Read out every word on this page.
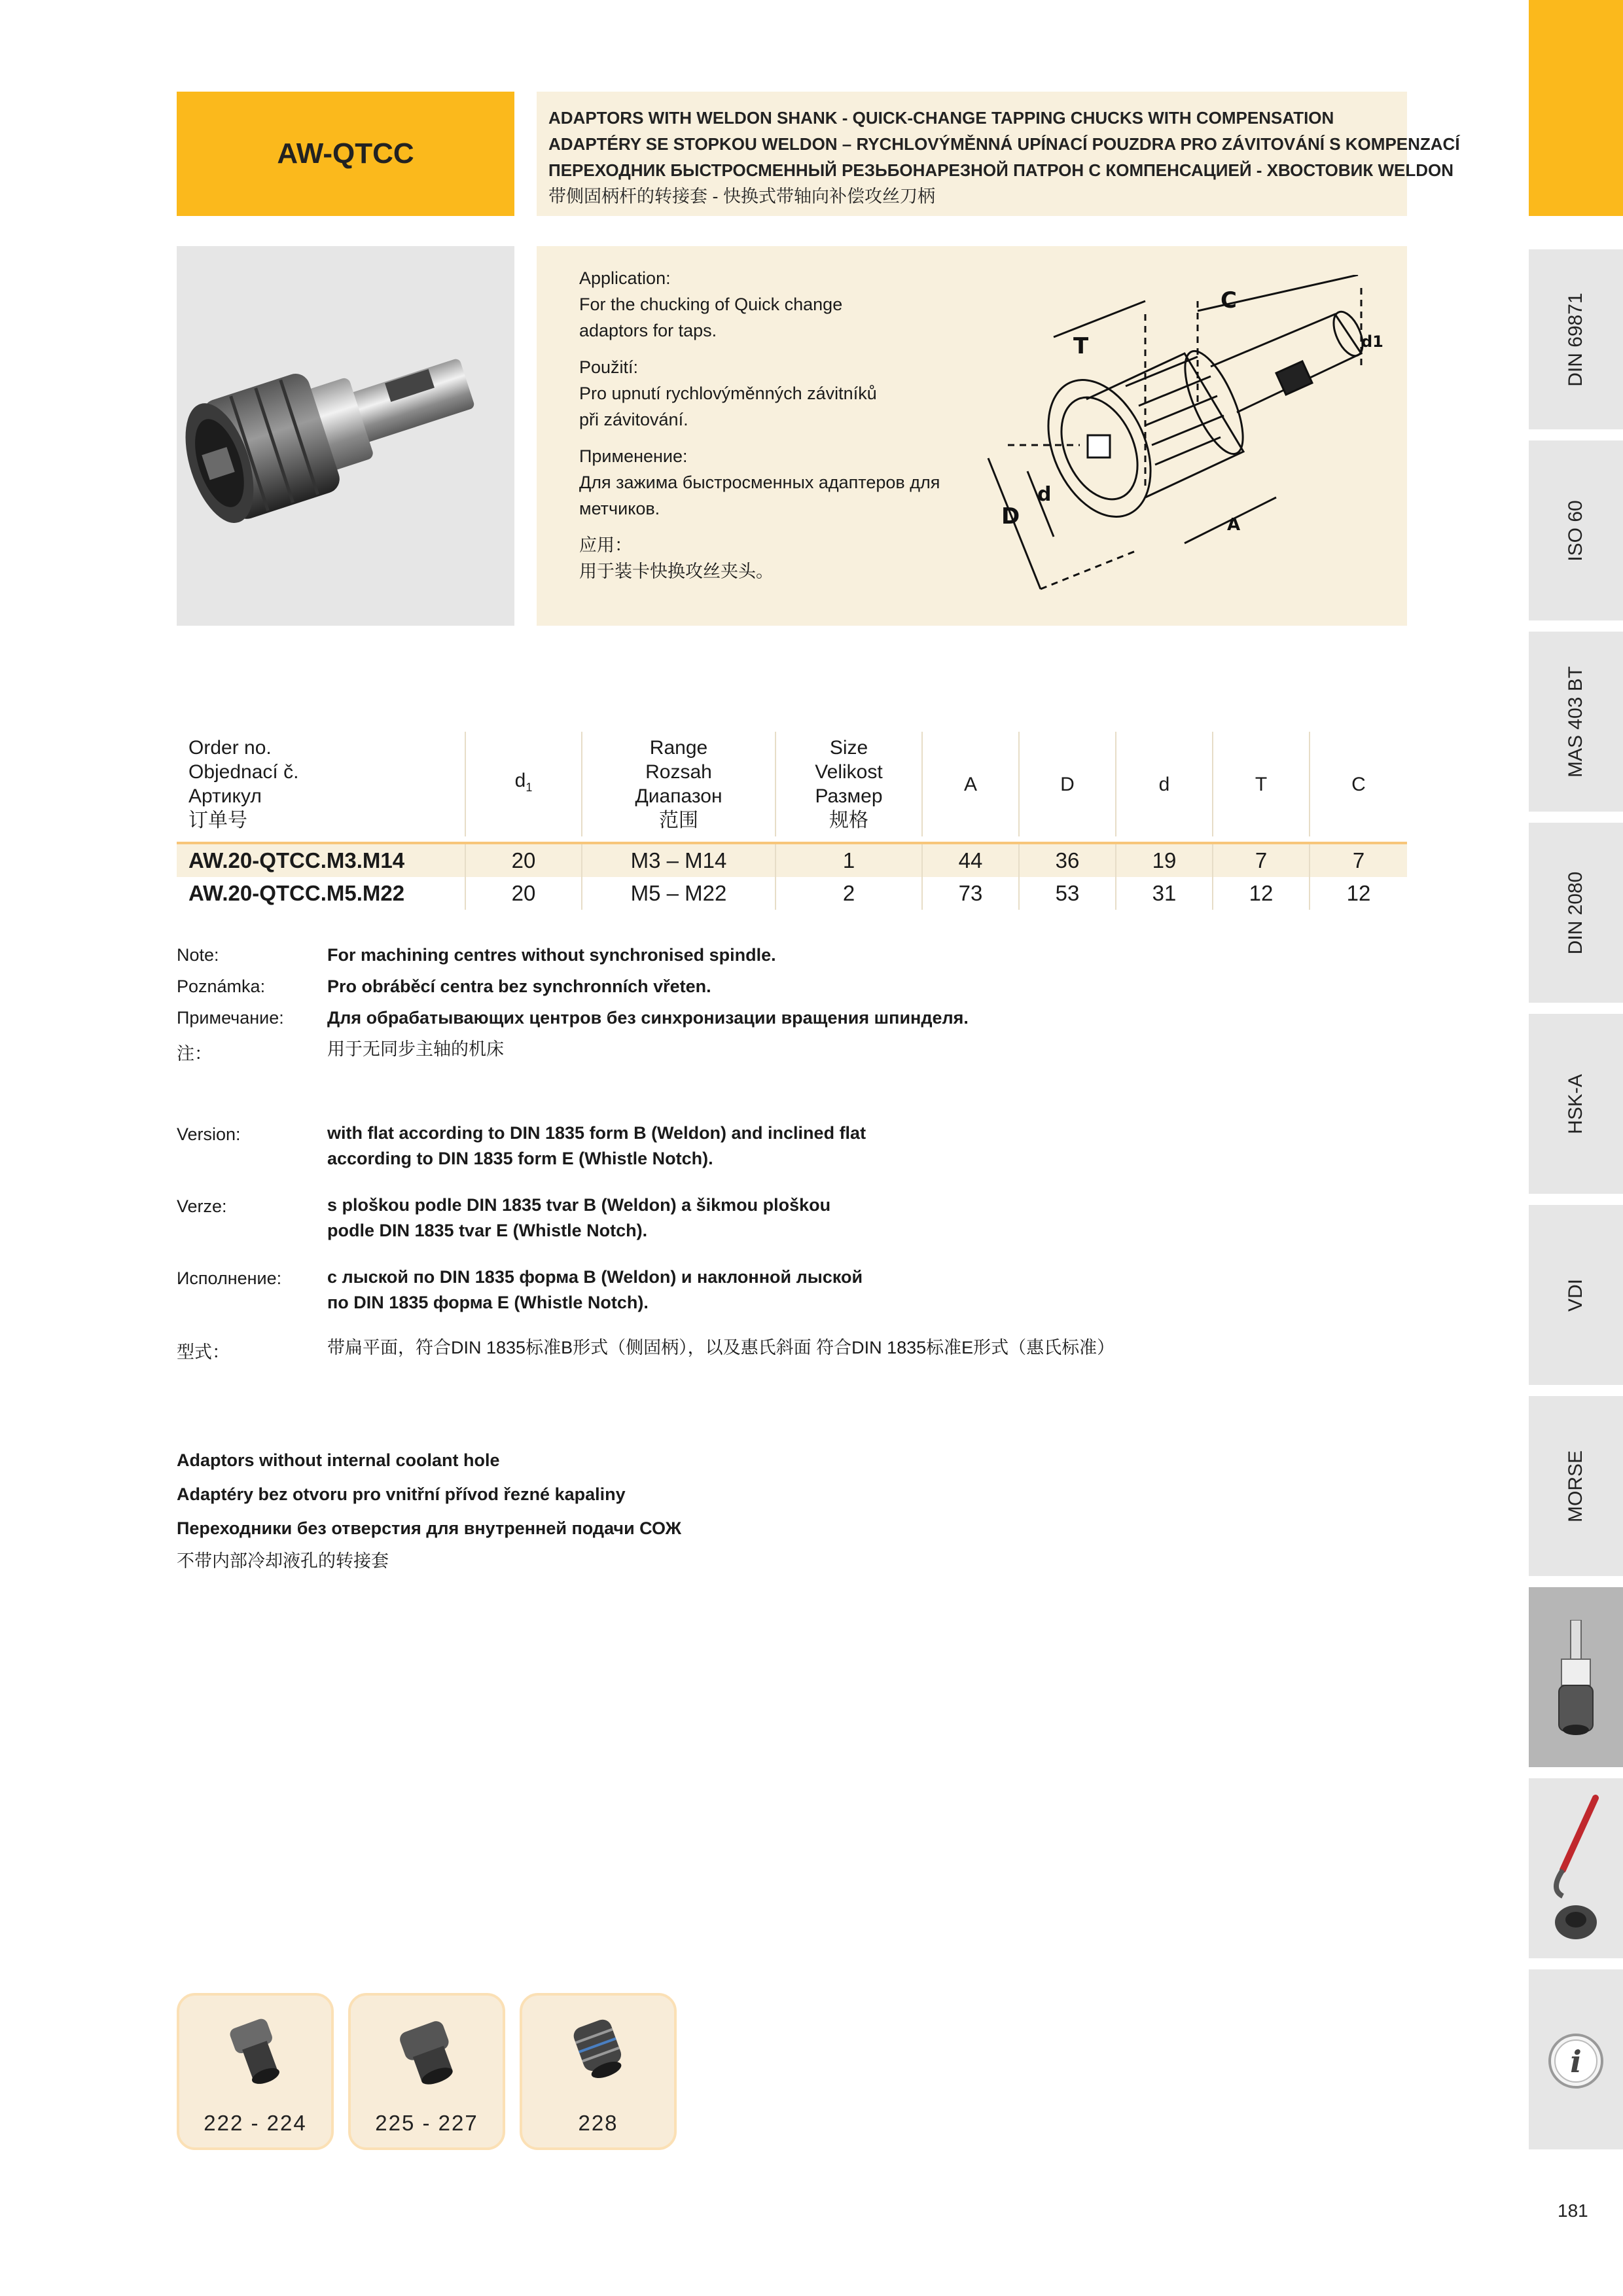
AW-QTCC
ADAPTORS WITH WELDON SHANK - QUICK-CHANGE TAPPING CHUCKS WITH COMPENSATION
ADAPTÉRY SE STOPKOU WELDON – RYCHLOVÝMĚNNÁ UPÍNACÍ POUZDRA PRO ZÁVITOVÁNÍ S KOMPENZACÍ
ПЕРЕХОДНИК БЫСТРОСМЕННЫЙ РЕЗЬБОНАРЕЗНОЙ ПАТРОН С КОМПЕНСАЦИЕЙ - ХВОСТОВИК WELDON
带侧固柄杆的转接套 - 快换式带轴向补偿攻丝刀柄
Application:
For the chucking of Quick change
adaptors for taps.
Použití:
Pro upnutí rychlovýměnných závitníků
při závitování.
Применение:
Для зажима быстросменных адаптеров для
метчиков.
应用：
用于装卡快换攻丝夹头。
T
C
d1
D
d
A
Order no.
Objednací č.
Артикул
订单号
$d_1$
Range
Rozsah
Диапазон
范围
Size
Velikost
Размер
规格
A	D	d	T	C
AW.20-QTCC.M3.M14	20	M3 – M14	1	44	36	19	7	7
AW.20-QTCC.M5.M22	20	M5 – M22	2	73	53	31	12	12
Note:	For machining centres without synchronised spindle.
Poznámka:	Pro obráběcí centra bez synchronních vřeten.
Примечание: Для обрабатывающих центров без синхронизации вращения шпинделя.
注：	用于无同步主轴的机床
Version:	with flat according to DIN 1835 form B (Weldon) and inclined flat
according to DIN 1835 form E (Whistle Notch).
Verze:	s ploškou podle DIN 1835 tvar B (Weldon) a šikmou ploškou
podle DIN 1835 tvar E (Whistle Notch).
Исполнение:	с лыской по DIN 1835 форма B (Weldon) и наклонной лыской
по DIN 1835 форма E (Whistle Notch).
型式：	带扁平面，符合DIN 1835标准B形式（侧固柄），以及惠氏斜面 符合DIN 1835标准E形式（惠氏标准）
Adaptors without internal coolant hole
Adaptéry bez otvoru pro vnitřní přívod řezné kapaliny
Переходники без отверстия для внутренней подачи СОЖ
不带内部冷却液孔的转接套
DIN 69871
ISO 60
MAS 403 BT
DIN 2080
HSK-A
VDI
MORSE
i
222 - 224	225 - 227	228
181
